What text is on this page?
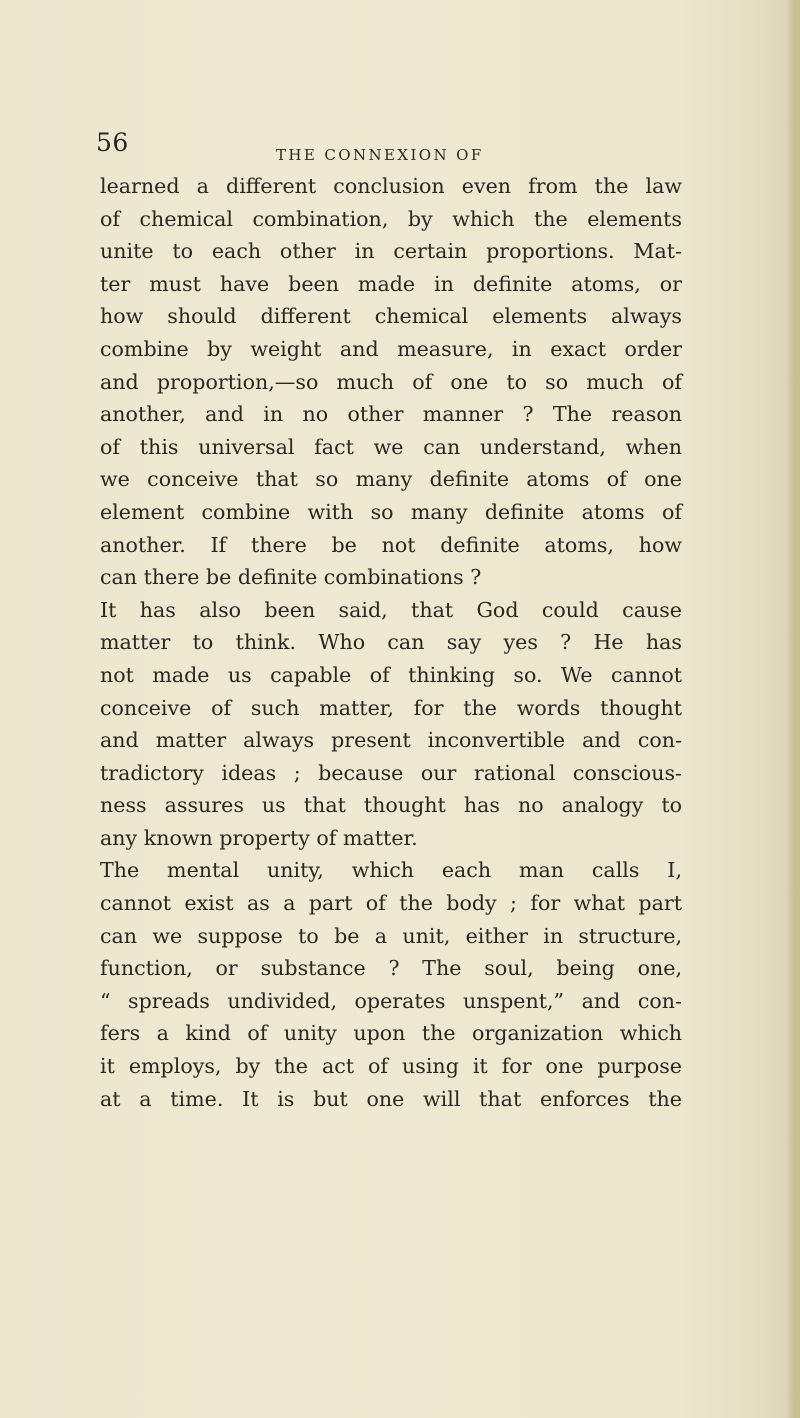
56	THE CONNEXION OF
learned a different conclusion even from the law
of chemical combination, by which the elements
unite to each other in certain proportions. Mat-
ter must have been made in definite atoms, or
how should different chemical elements always
combine by weight and measure, in exact order
and proportion,—so much of one to so much of
another, and in no other manner ? The reason
of this universal fact we can understand, when
we conceive that so many definite atoms of one
element combine with so many definite atoms of
another. If there be not definite atoms, how
can there be definite combinations ?
It has also been said, that God could cause
matter to think. Who can say yes ? He has
not made us capable of thinking so. We cannot
conceive of such matter, for the words thought
and matter always present inconvertible and con-
tradictory ideas ; because our rational conscious-
ness assures us that thought has no analogy to
any known property of matter.
The mental unity, which each man calls I,
cannot exist as a part of the body ; for what part
can we suppose to be a unit, either in structure,
function, or substance ? The soul, being one,
“ spreads undivided, operates unspent,” and con-
fers a kind of unity upon the organization which
it employs, by the act of using it for one purpose
at a time. It is but one will that enforces the
